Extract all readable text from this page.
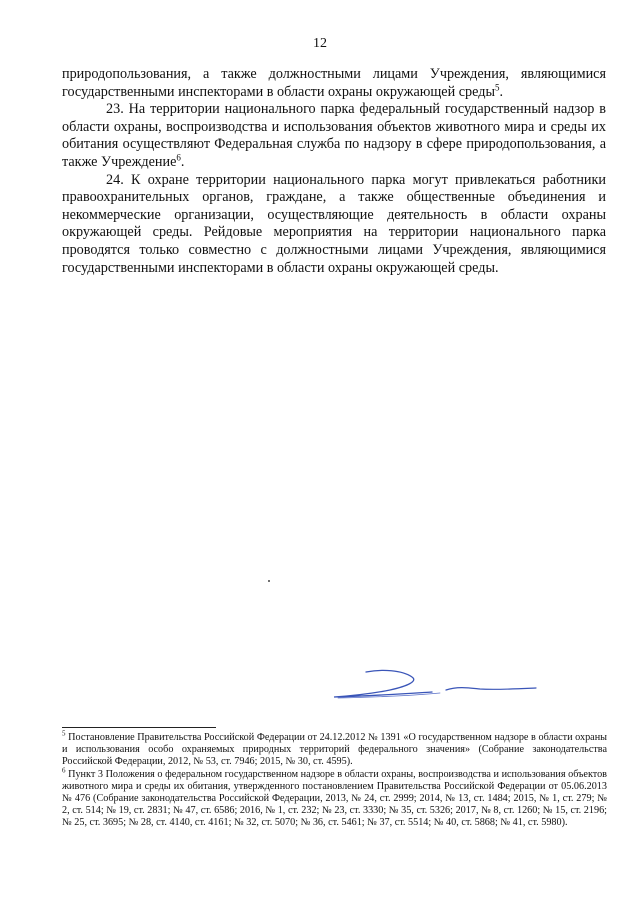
12

природопользования, а также должностными лицами Учреждения, являющимися государственными инспекторами в области охраны окружающей среды$^5$.

23. На территории национального парка федеральный государственный надзор в области охраны, воспроизводства и использования объектов животного мира и среды их обитания осуществляют Федеральная служба по надзору в сфере природопользования, а также Учреждение$^6$.

24. К охране территории национального парка могут привлекаться работники правоохранительных органов, граждане, а также общественные объединения и некоммерческие организации, осуществляющие деятельность в области охраны окружающей среды. Рейдовые мероприятия на территории национального парка проводятся только совместно с должностными лицами Учреждения, являющимися государственными инспекторами в области охраны окружающей среды.

$^5$ Постановление Правительства Российской Федерации от 24.12.2012 № 1391 «О государственном надзоре в области охраны и использования особо охраняемых природных территорий федерального значения» (Собрание законодательства Российской Федерации, 2012, № 53, ст. 7946; 2015, № 30, ст. 4595).

$^6$ Пункт 3 Положения о федеральном государственном надзоре в области охраны, воспроизводства и использования объектов животного мира и среды их обитания, утвержденного постановлением Правительства Российской Федерации от 05.06.2013 № 476 (Собрание законодательства Российской Федерации, 2013, № 24, ст. 2999; 2014, № 13, ст. 1484; 2015, № 1, ст. 279; № 2, ст. 514; № 19, ст. 2831; № 47, ст. 6586; 2016, № 1, ст. 232; № 23, ст. 3330; № 35, ст. 5326; 2017, № 8, ст. 1260; № 15, ст. 2196; № 25, ст. 3695; № 28, ст. 4140, ст. 4161; № 32, ст. 5070; № 36, ст. 5461; № 37, ст. 5514; № 40, ст. 5868; № 41, ст. 5980).
